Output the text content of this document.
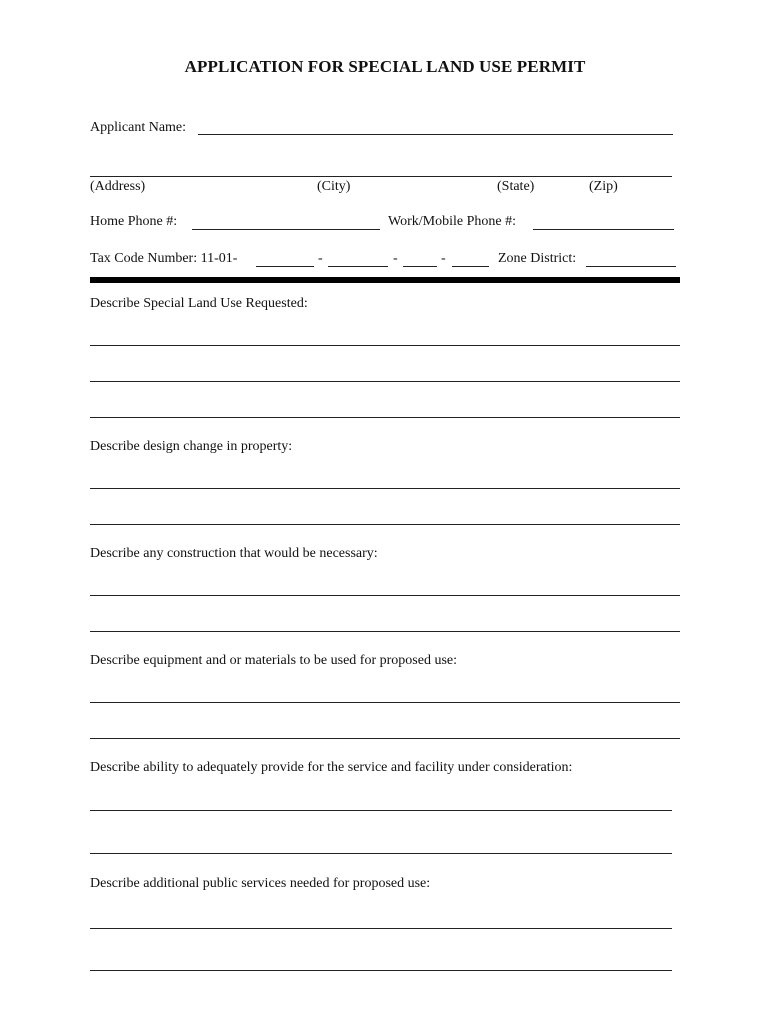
APPLICATION FOR SPECIAL LAND USE PERMIT
Applicant Name:
(Address)	(City)	(State)	(Zip)
Home Phone #:	Work/Mobile Phone #:
Tax Code Number: 11-01-	-	-	-	Zone District:
Describe Special Land Use Requested:
Describe design change in property:
Describe any construction that would be necessary:
Describe equipment and or materials to be used for proposed use:
Describe ability to adequately provide for the service and facility under consideration:
Describe additional public services needed for proposed use:
